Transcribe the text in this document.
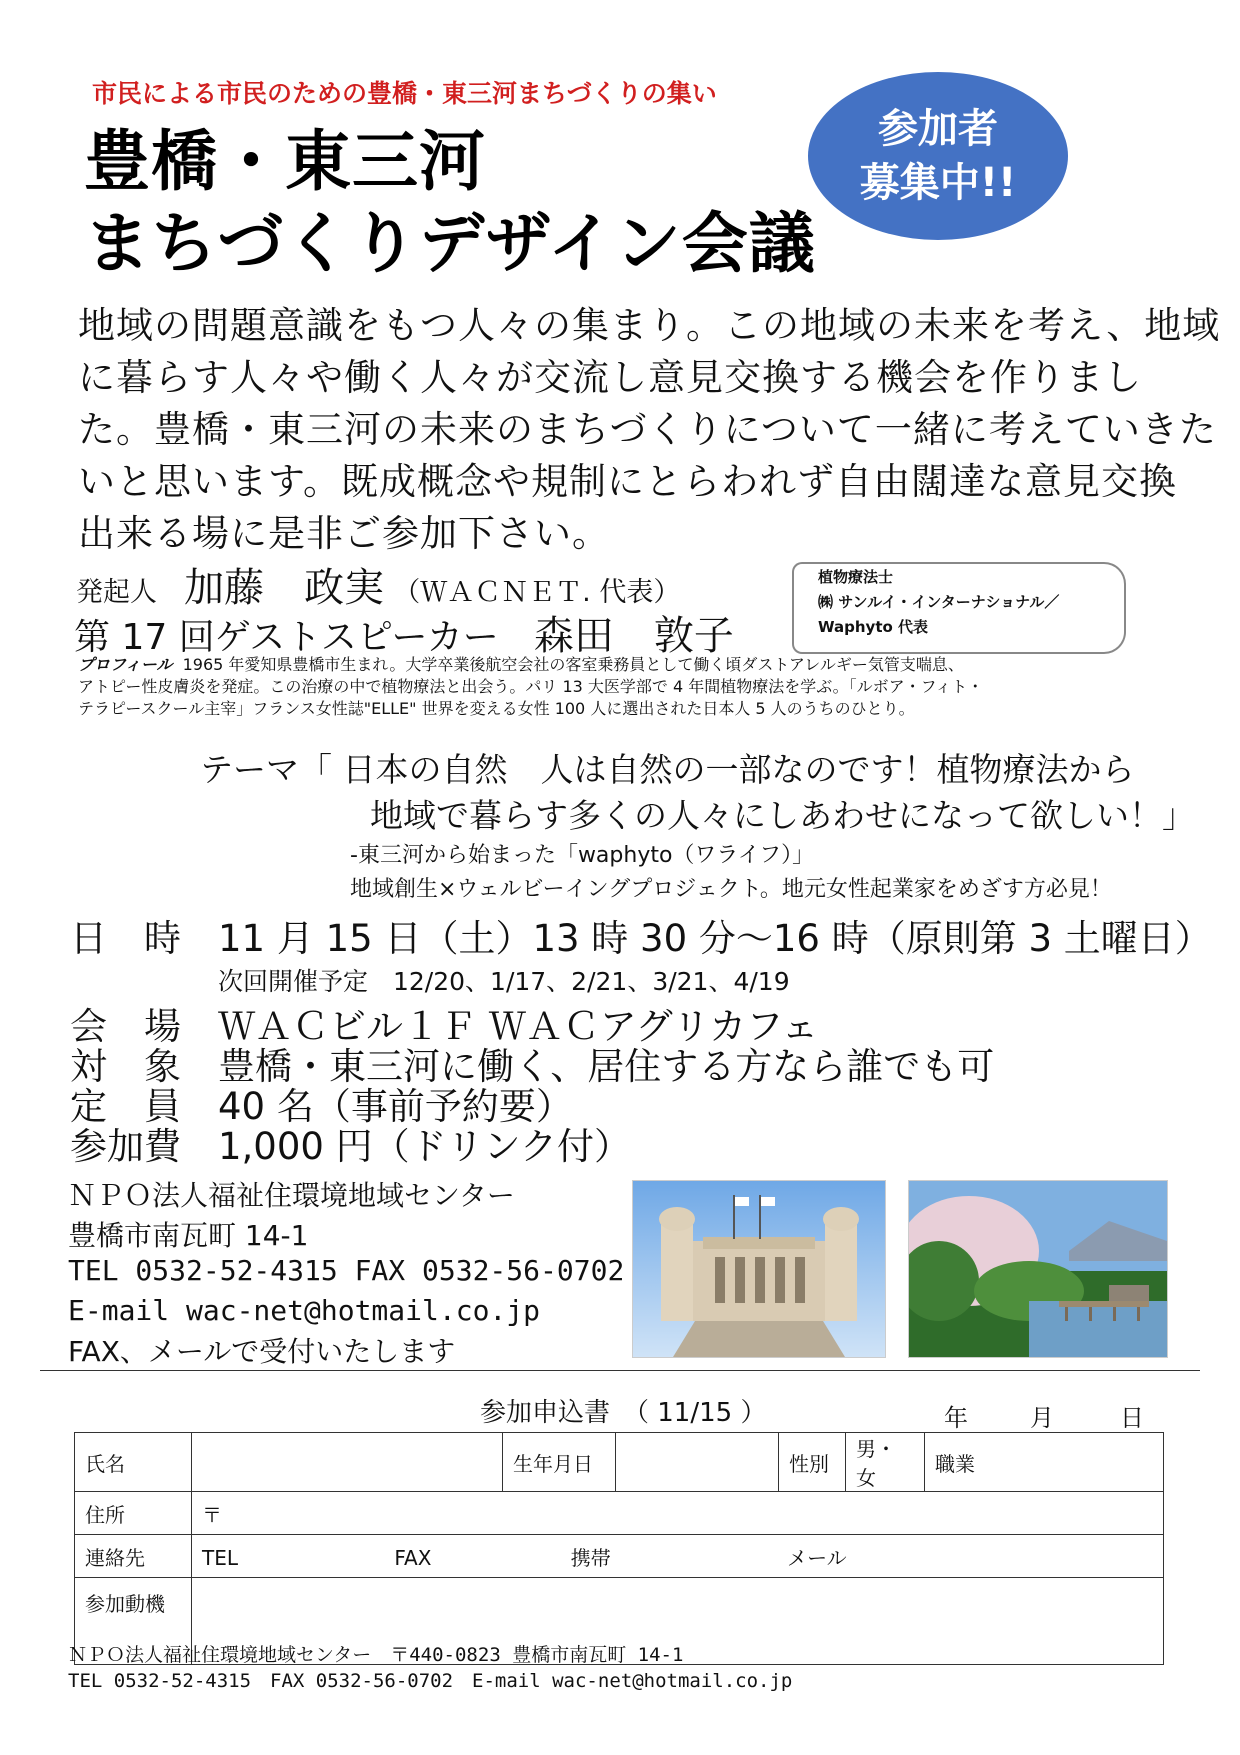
市民による市民のための豊橋・東三河まちづくりの集い
豊橋・東三河
まちづくりデザイン会議
参加者
募集中!!
地域の問題意識をもつ人々の集まり。この地域の未来を考え、地域
に暮らす人々や働く人々が交流し意見交換する機会を作りまし
た。豊橋・東三河の未来のまちづくりについて一緒に考えていきた
いと思います。既成概念や規制にとらわれず自由闊達な意見交換
出来る場に是非ご参加下さい。
発起人 加藤　政実 （ＷＡＣＮＥＴ. 代表）
第 17 回ゲストスピーカー 森田　敦子
植物療法士
㈱ サンルイ・インターナショナル／
Waphyto 代表
プロフィール 1965 年愛知県豊橋市生まれ。大学卒業後航空会社の客室乗務員として働く頃ダストアレルギー気管支喘息、
アトピー性皮膚炎を発症。この治療の中で植物療法と出会う。パリ 13 大医学部で 4 年間植物療法を学ぶ。「ルボア・フィト・
テラピースクール主宰」フランス女性誌"ELLE" 世界を変える女性 100 人に選出された日本人 5 人のうちのひとり。
テーマ「 日本の自然　人は自然の一部なのです！植物療法から
地域で暮らす多くの人々にしあわせになって欲しい！」
-東三河から始まった「waphyto（ワライフ）」
地域創生×ウェルビーイングプロジェクト。地元女性起業家をめざす方必見！
日　時　11 月 15 日（土）13 時 30 分～16 時（原則第 3 土曜日）
次回開催予定　12/20、1/17、2/21、3/21、4/19
会　場　ＷＡＣビル１Ｆ ＷＡＣアグリカフェ
対　象　豊橋・東三河に働く、居住する方なら誰でも可
定　員　40 名（事前予約要）
参加費　1,000 円（ドリンク付）
ＮＰＯ法人福祉住環境地域センター
豊橋市南瓦町 14-1
TEL 0532-52-4315 FAX 0532-56-0702
E-mail wac-net@hotmail.co.jp
FAX、メールで受付いたします
参加申込書　（ 11/15 ）	年	月	日
氏名		生年月日		性別	男・女	職業
住所	〒					
連絡先	TEL FAX 携帯 メール					
参加動機						
ＮＰＯ法人福祉住環境地域センター　〒440-0823 豊橋市南瓦町 14-1
TEL 0532-52-4315　FAX 0532-56-0702　E-mail wac-net@hotmail.co.jp
